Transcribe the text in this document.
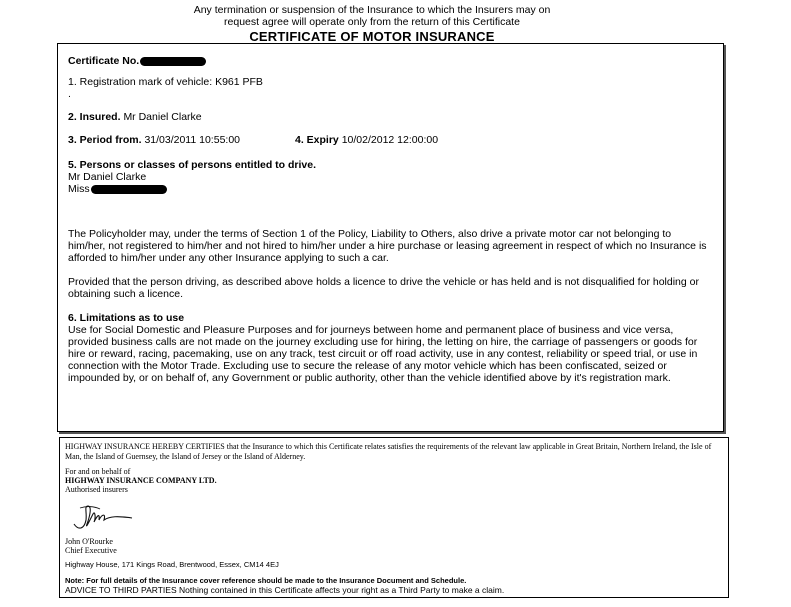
Any termination or suspension of the Insurance to which the Insurers may on
request agree will operate only from the return of this Certificate
CERTIFICATE OF MOTOR INSURANCE
Certificate No.
1. Registration mark of vehicle: K961 PFB
.
2. Insured. Mr Daniel Clarke
3. Period from. 31/03/2011 10:55:00	4. Expiry 10/02/2012 12:00:00
5. Persons or classes of persons entitled to drive.
Mr Daniel Clarke
Miss
The Policyholder may, under the terms of Section 1 of the Policy, Liability to Others, also drive a private motor car not belonging to
him/her, not registered to him/her and not hired to him/her under a hire purchase or leasing agreement in respect of which no Insurance is
afforded to him/her under any other Insurance applying to such a car.
Provided that the person driving, as described above holds a licence to drive the vehicle or has held and is not disqualified for holding or
obtaining such a licence.
6. Limitations as to use
Use for Social Domestic and Pleasure Purposes and for journeys between home and permanent place of business and vice versa,
provided business calls are not made on the journey excluding use for hiring, the letting on hire, the carriage of passengers or goods for
hire or reward, racing, pacemaking, use on any track, test circuit or off road activity, use in any contest, reliability or speed trial, or use in
connection with the Motor Trade. Excluding use to secure the release of any motor vehicle which has been confiscated, seized or
impounded by, or on behalf of, any Government or public authority, other than the vehicle identified above by it's registration mark.
HIGHWAY INSURANCE HEREBY CERTIFIES that the Insurance to which this Certificate relates satisfies the requirements of the relevant law applicable in Great Britain, Northern Ireland, the Isle of
Man, the Island of Guernsey, the Island of Jersey or the Island of Alderney.
For and on behalf of
HIGHWAY INSURANCE COMPANY LTD.
Authorised insurers
John O'Rourke
Chief Executive
Highway House, 171 Kings Road, Brentwood, Essex, CM14 4EJ
Note: For full details of the Insurance cover reference should be made to the Insurance Document and Schedule.
ADVICE TO THIRD PARTIES Nothing contained in this Certificate affects your right as a Third Party to make a claim.
